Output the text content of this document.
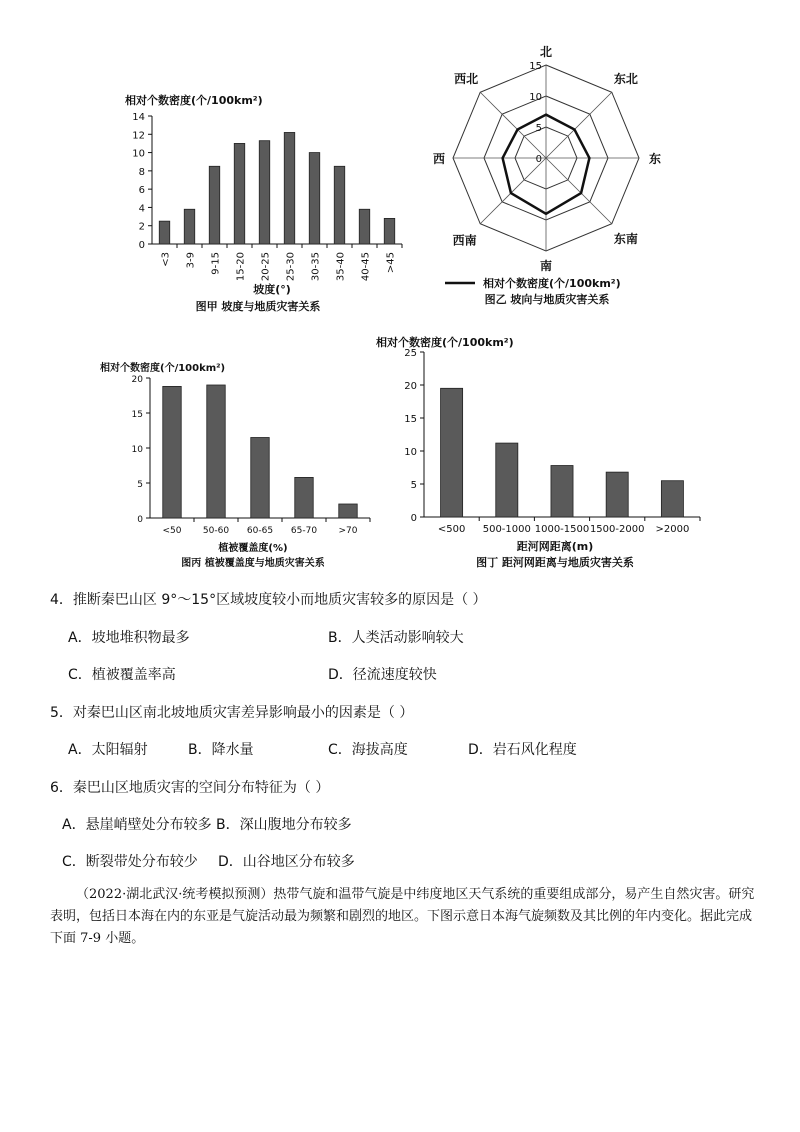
相对个数密度(个/100km²)
0
2
4
6
8
10
12
14
<3 3-9 9-15 15-20 20-25 25-30 30-35 35-40 40-45 >45
坡度(°)
图甲 坡度与地质灾害关系
0
5
10
15
北
东北
东
东南
南
西南
西
西北
相对个数密度(个/100km²)
图乙 坡向与地质灾害关系
相对个数密度(个/100km²)
0
5
10
15
20
<50 50-60 60-65 65-70 >70
植被覆盖度(%)
图丙 植被覆盖度与地质灾害关系
相对个数密度(个/100km²)
0
5
10
15
20
25
<500 500-1000 1000-1500 1500-2000 >2000
距河网距离(m)
图丁 距河网距离与地质灾害关系
4．推断秦巴山区 9°～15°区域坡度较小而地质灾害较多的原因是（ ）
A．坡地堆积物最多	B．人类活动影响较大
C．植被覆盖率高	D．径流速度较快
5．对秦巴山区南北坡地质灾害差异影响最小的因素是（ ）
A．太阳辐射	B．降水量	C．海拔高度	D．岩石风化程度
6．秦巴山区地质灾害的空间分布特征为（ ）
A．悬崖峭壁处分布较多 B．深山腹地分布较多
C．断裂带处分布较少 D．山谷地区分布较多
（2022·湖北武汉·统考模拟预测）热带气旋和温带气旋是中纬度地区天气系统的重要组成部分，易产生自然灾害。研究表明，包括日本海在内的东亚是气旋活动最为频繁和剧烈的地区。下图示意日本海气旋频数及其比例的年内变化。据此完成下面 7-9 小题。
